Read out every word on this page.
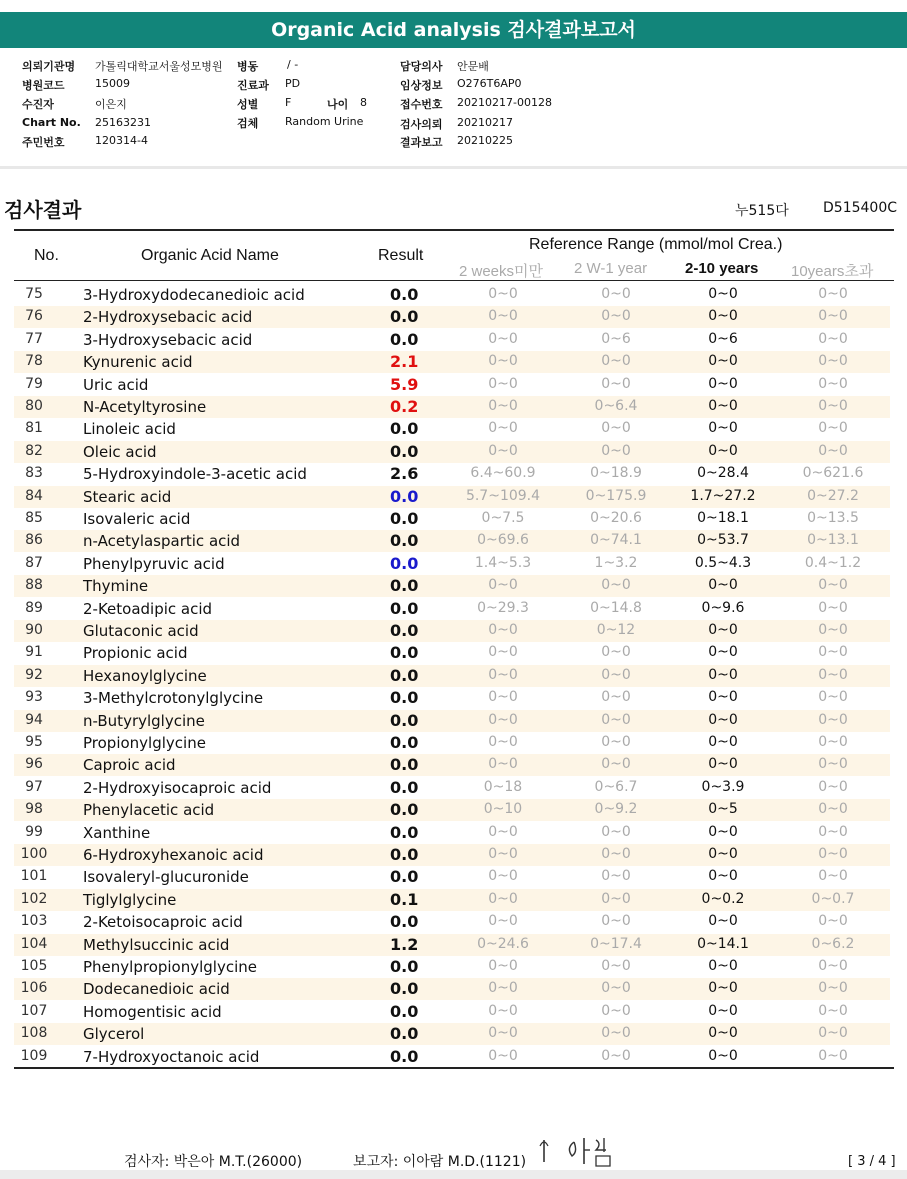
Organic Acid analysis 검사결과보고서
의뢰기관명 가톨릭대학교서울성모병원
병원코드	15009
수진자	이은지
Chart No. 25163231
주민번호	120314-4
병동	/ -
진료과 PD
성별 F	나이 8
검체 Random Urine
담당의사 안문배
임상정보 O276T6AP0
접수번호 20210217-00128
검사의뢰 20210217
결과보고 20210225
검사결과	누515다 D515400C
No.	Organic Acid Name	Result
Reference Range (mmol/mol Crea.)
2 weeks미만 2 W-1 year	2-10 years 10years초과
75	3-Hydroxydodecanedioic acid	0.0	0~0	0~0	0~0	0~0
76	2-Hydroxysebacic acid	0.0	0~0	0~0	0~0	0~0
77	3-Hydroxysebacic acid	0.0	0~0	0~6	0~6	0~0
78	Kynurenic acid	2.1	0~0	0~0	0~0	0~0
79	Uric acid	5.9	0~0	0~0	0~0	0~0
80	N-Acetyltyrosine	0.2	0~0	0~6.4	0~0	0~0
81	Linoleic acid	0.0	0~0	0~0	0~0	0~0
82	Oleic acid	0.0	0~0	0~0	0~0	0~0
83	5-Hydroxyindole-3-acetic acid	2.6	6.4~60.9	0~18.9	0~28.4	0~621.6
84	Stearic acid	0.0	5.7~109.4	0~175.9	1.7~27.2	0~27.2
85	Isovaleric acid	0.0	0~7.5	0~20.6	0~18.1	0~13.5
86	n-Acetylaspartic acid	0.0	0~69.6	0~74.1	0~53.7	0~13.1
87	Phenylpyruvic acid	0.0	1.4~5.3	1~3.2	0.5~4.3	0.4~1.2
88	Thymine	0.0	0~0	0~0	0~0	0~0
89	2-Ketoadipic acid	0.0	0~29.3	0~14.8	0~9.6	0~0
90	Glutaconic acid	0.0	0~0	0~12	0~0	0~0
91	Propionic acid	0.0	0~0	0~0	0~0	0~0
92	Hexanoylglycine	0.0	0~0	0~0	0~0	0~0
93	3-Methylcrotonylglycine	0.0	0~0	0~0	0~0	0~0
94	n-Butyrylglycine	0.0	0~0	0~0	0~0	0~0
95	Propionylglycine	0.0	0~0	0~0	0~0	0~0
96	Caproic acid	0.0	0~0	0~0	0~0	0~0
97	2-Hydroxyisocaproic acid	0.0	0~18	0~6.7	0~3.9	0~0
98	Phenylacetic acid	0.0	0~10	0~9.2	0~5	0~0
99	Xanthine	0.0	0~0	0~0	0~0	0~0
100	6-Hydroxyhexanoic acid	0.0	0~0	0~0	0~0	0~0
101	Isovaleryl-glucuronide	0.0	0~0	0~0	0~0	0~0
102	Tiglylglycine	0.1	0~0	0~0	0~0.2	0~0.7
103	2-Ketoisocaproic acid	0.0	0~0	0~0	0~0	0~0
104	Methylsuccinic acid	1.2	0~24.6	0~17.4	0~14.1	0~6.2
105	Phenylpropionylglycine	0.0	0~0	0~0	0~0	0~0
106	Dodecanedioic acid	0.0	0~0	0~0	0~0	0~0
107	Homogentisic acid	0.0	0~0	0~0	0~0	0~0
108	Glycerol	0.0	0~0	0~0	0~0	0~0
109	7-Hydroxyoctanoic acid	0.0	0~0	0~0	0~0	0~0
검사자: 박은아 M.T.(26000)	보고자: 이아람 M.D.(1121)	[ 3 / 4 ]
